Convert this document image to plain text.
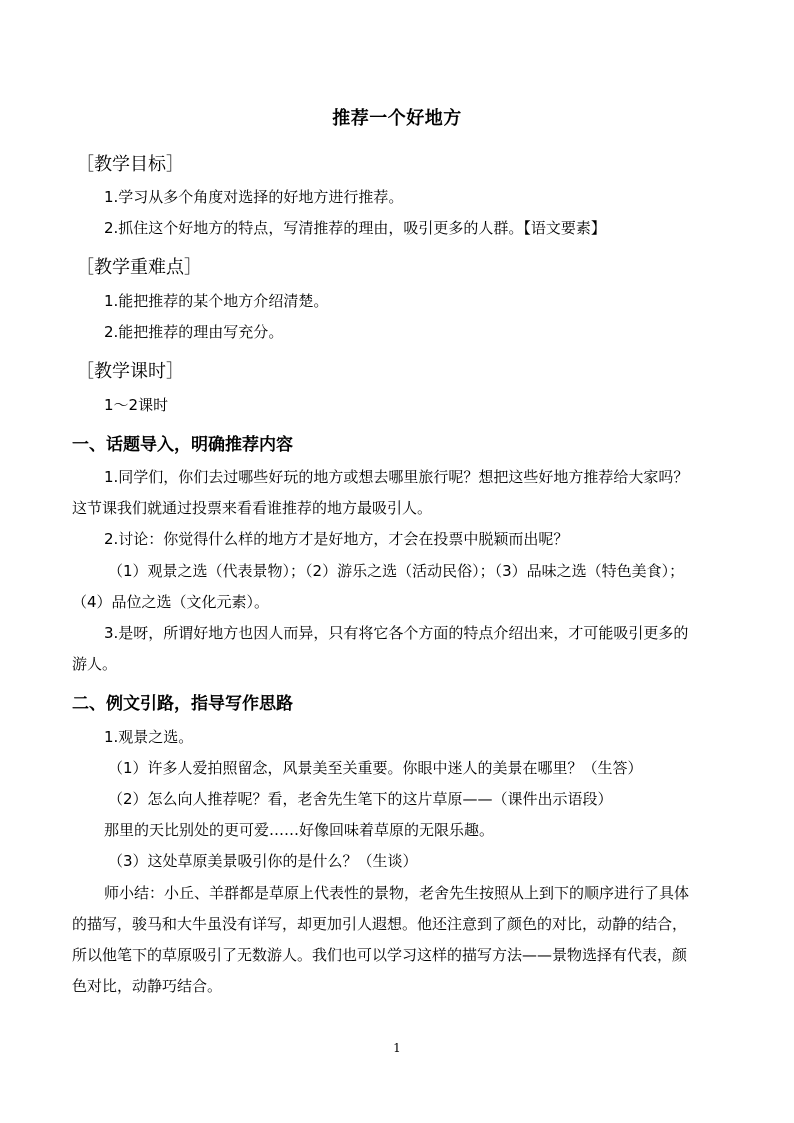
推荐一个好地方
［教学目标］
1.学习从多个角度对选择的好地方进行推荐。
2.抓住这个好地方的特点，写清推荐的理由，吸引更多的人群。【语文要素】
［教学重难点］
1.能把推荐的某个地方介绍清楚。
2.能把推荐的理由写充分。
［教学课时］
1～2课时
一、话题导入，明确推荐内容
1.同学们，你们去过哪些好玩的地方或想去哪里旅行呢？想把这些好地方推荐给大家吗？
这节课我们就通过投票来看看谁推荐的地方最吸引人。
2.讨论：你觉得什么样的地方才是好地方，才会在投票中脱颖而出呢？
（1）观景之选（代表景物）；（2）游乐之选（活动民俗）；（3）品味之选（特色美食）；
（4）品位之选（文化元素）。
3.是呀，所谓好地方也因人而异，只有将它各个方面的特点介绍出来，才可能吸引更多的
游人。
二、例文引路，指导写作思路
1.观景之选。
（1）许多人爱拍照留念，风景美至关重要。你眼中迷人的美景在哪里？（生答）
（2）怎么向人推荐呢？看，老舍先生笔下的这片草原——（课件出示语段）
那里的天比别处的更可爱……好像回味着草原的无限乐趣。
（3）这处草原美景吸引你的是什么？（生谈）
师小结：小丘、羊群都是草原上代表性的景物，老舍先生按照从上到下的顺序进行了具体
的描写，骏马和大牛虽没有详写，却更加引人遐想。他还注意到了颜色的对比，动静的结合，
所以他笔下的草原吸引了无数游人。我们也可以学习这样的描写方法——景物选择有代表，颜
色对比，动静巧结合。
1
